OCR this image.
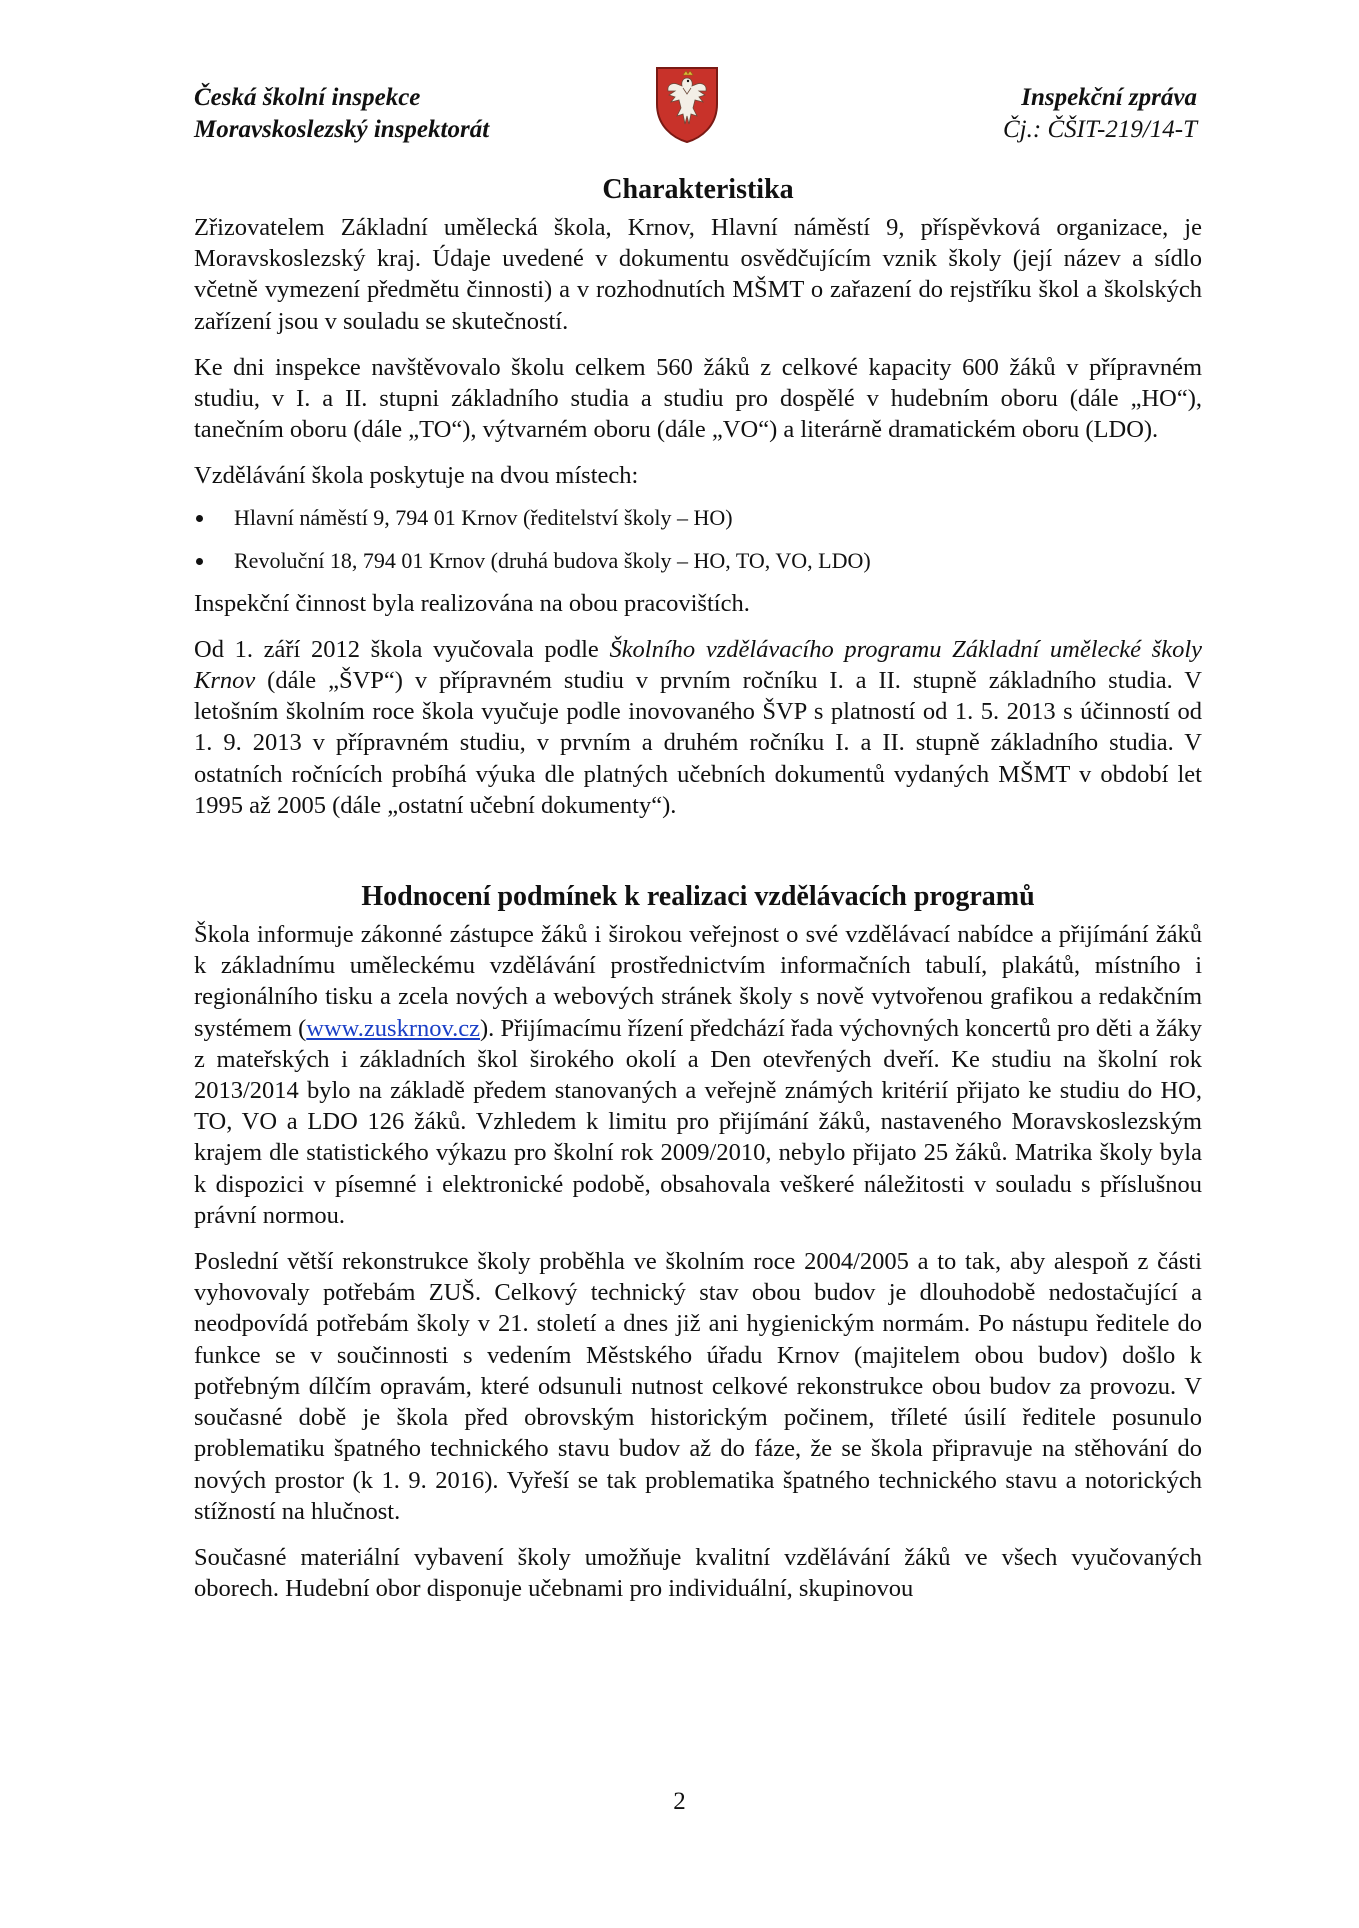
Česká školní inspekce
Moravskoslezský inspektorát
Inspekční zpráva
Čj.: ČŠIT-219/14-T
Charakteristika

Zřizovatelem Základní umělecká škola, Krnov, Hlavní náměstí 9, příspěvková organizace, je Moravskoslezský kraj. Údaje uvedené v dokumentu osvědčujícím vznik školy (její název a sídlo včetně vymezení předmětu činnosti) a v rozhodnutích MŠMT o zařazení do rejstříku škol a školských zařízení jsou v souladu se skutečností.

Ke dni inspekce navštěvovalo školu celkem 560 žáků z celkové kapacity 600 žáků v přípravném studiu, v I. a II. stupni základního studia a studiu pro dospělé v hudebním oboru (dále „HO“), tanečním oboru (dále „TO“), výtvarném oboru (dále „VO“) a literárně dramatickém oboru (LDO).

Vzdělávání škola poskytuje na dvou místech:

Hlavní náměstí 9, 794 01 Krnov (ředitelství školy – HO)
Revoluční 18, 794 01 Krnov (druhá budova školy – HO, TO, VO, LDO)

Inspekční činnost byla realizována na obou pracovištích.

Od 1. září 2012 škola vyučovala podle Školního vzdělávacího programu Základní umělecké školy Krnov (dále „ŠVP“) v přípravném studiu v prvním ročníku I. a II. stupně základního studia. V letošním školním roce škola vyučuje podle inovovaného ŠVP s platností od 1. 5. 2013 s účinností od 1. 9. 2013 v přípravném studiu, v prvním a druhém ročníku I. a II. stupně základního studia. V ostatních ročnících probíhá výuka dle platných učebních dokumentů vydaných MŠMT v období let 1995 až 2005 (dále „ostatní učební dokumenty“).

Hodnocení podmínek k realizaci vzdělávacích programů

Škola informuje zákonné zástupce žáků i širokou veřejnost o své vzdělávací nabídce a přijímání žáků k základnímu uměleckému vzdělávání prostřednictvím informačních tabulí, plakátů, místního i regionálního tisku a zcela nových a webových stránek školy s nově vytvořenou grafikou a redakčním systémem (www.zuskrnov.cz). Přijímacímu řízení předchází řada výchovných koncertů pro děti a žáky z mateřských i základních škol širokého okolí a Den otevřených dveří. Ke studiu na školní rok 2013/2014 bylo na základě předem stanovaných a veřejně známých kritérií přijato ke studiu do HO, TO, VO a LDO 126 žáků. Vzhledem k limitu pro přijímání žáků, nastaveného Moravskoslezským krajem dle statistického výkazu pro školní rok 2009/2010, nebylo přijato 25 žáků. Matrika školy byla k dispozici v písemné i elektronické podobě, obsahovala veškeré náležitosti v souladu s příslušnou právní normou.

Poslední větší rekonstrukce školy proběhla ve školním roce 2004/2005 a to tak, aby alespoň z části vyhovovaly potřebám ZUŠ. Celkový technický stav obou budov je dlouhodobě nedostačující a neodpovídá potřebám školy v 21. století a dnes již ani hygienickým normám. Po nástupu ředitele do funkce se v součinnosti s vedením Městského úřadu Krnov (majitelem obou budov) došlo k potřebným dílčím opravám, které odsunuli nutnost celkové rekonstrukce obou budov za provozu. V současné době je škola před obrovským historickým počinem, tříleté úsilí ředitele posunulo problematiku špatného technického stavu budov až do fáze, že se škola připravuje na stěhování do nových prostor (k 1. 9. 2016). Vyřeší se tak problematika špatného technického stavu a notorických stížností na hlučnost.

Současné materiální vybavení školy umožňuje kvalitní vzdělávání žáků ve všech vyučovaných oborech. Hudební obor disponuje učebnami pro individuální, skupinovou

2
